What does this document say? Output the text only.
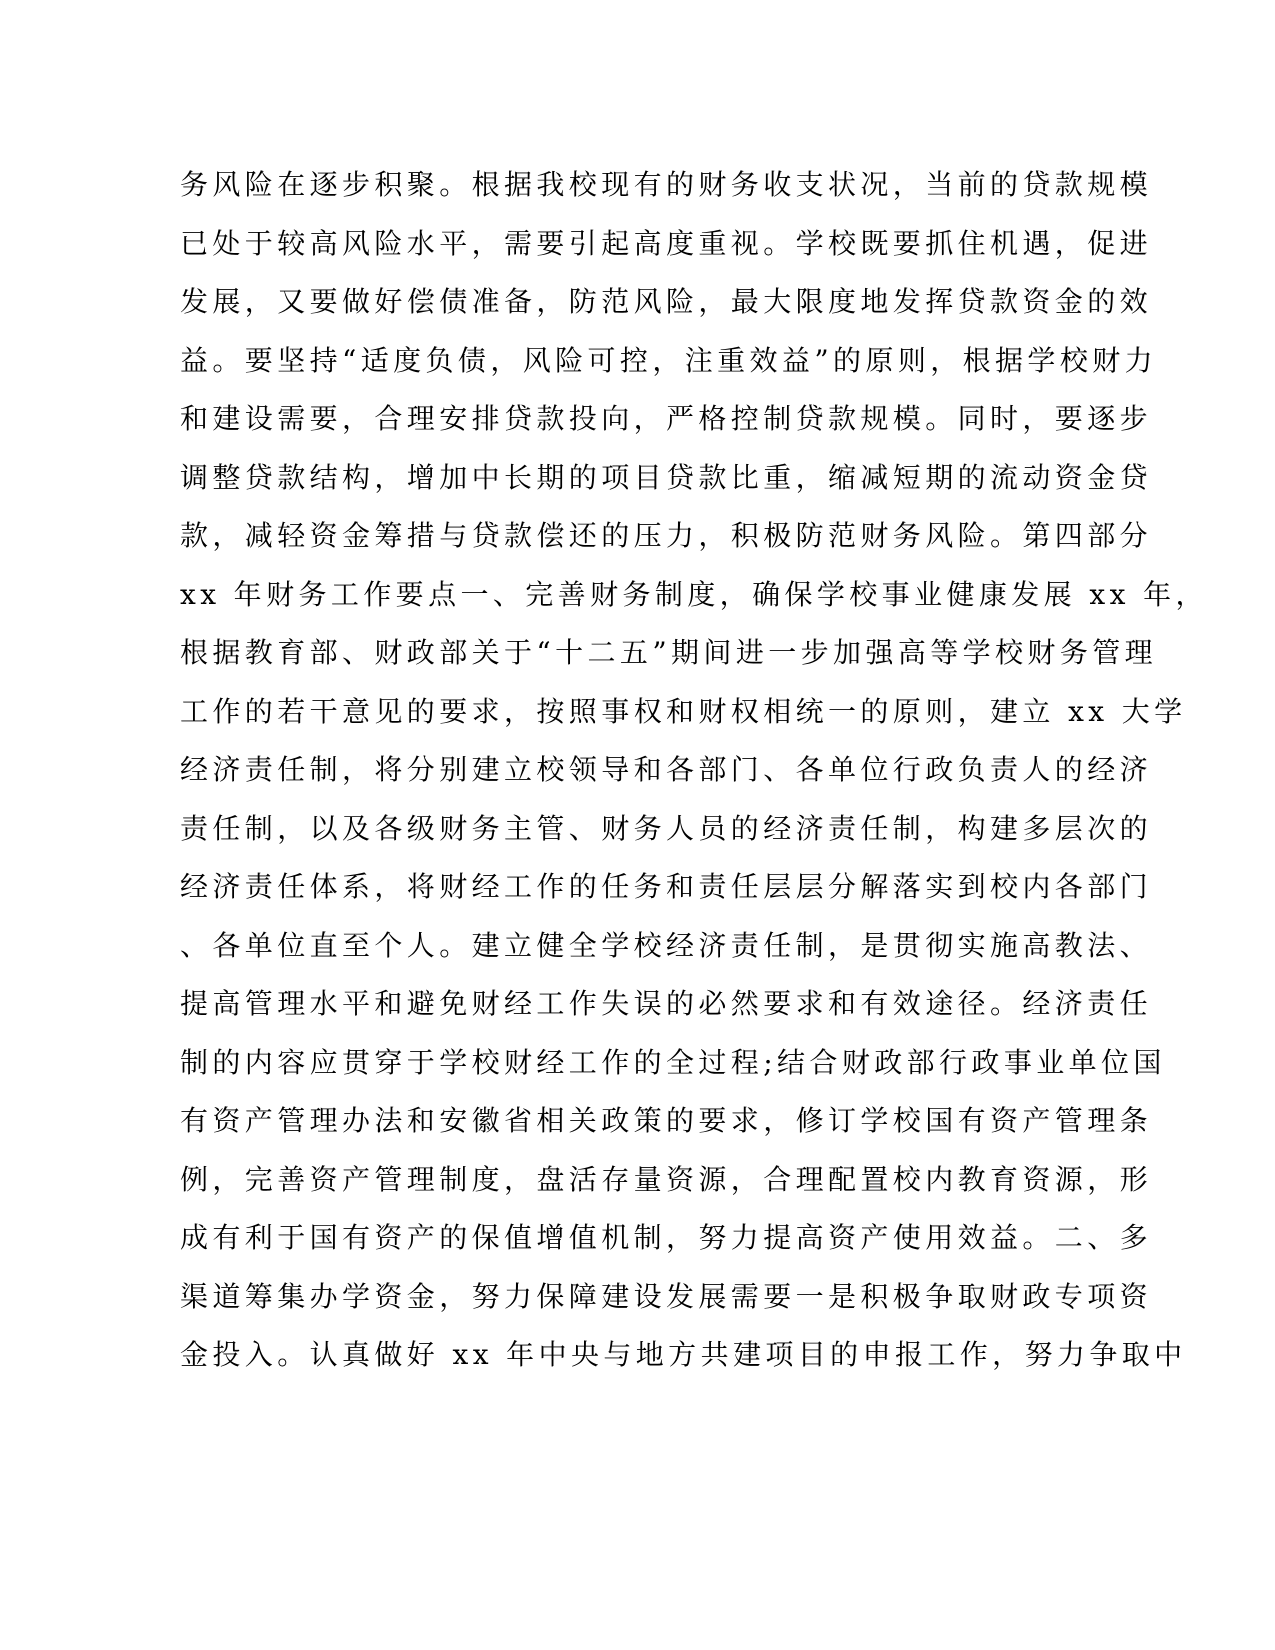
务风险在逐步积聚。根据我校现有的财务收支状况，当前的贷款规模
已处于较高风险水平，需要引起高度重视。学校既要抓住机遇，促进
发展，又要做好偿债准备，防范风险，最大限度地发挥贷款资金的效
益。要坚持“适度负债，风险可控，注重效益”的原则，根据学校财力
和建设需要，合理安排贷款投向，严格控制贷款规模。同时，要逐步
调整贷款结构，增加中长期的项目贷款比重，缩减短期的流动资金贷
款，减轻资金筹措与贷款偿还的压力，积极防范财务风险。第四部分
xx 年财务工作要点一、完善财务制度，确保学校事业健康发展 xx 年，
根据教育部、财政部关于“十二五”期间进一步加强高等学校财务管理
工作的若干意见的要求，按照事权和财权相统一的原则，建立 xx 大学
经济责任制，将分别建立校领导和各部门、各单位行政负责人的经济
责任制，以及各级财务主管、财务人员的经济责任制，构建多层次的
经济责任体系，将财经工作的任务和责任层层分解落实到校内各部门
、各单位直至个人。建立健全学校经济责任制，是贯彻实施高教法、
提高管理水平和避免财经工作失误的必然要求和有效途径。经济责任
制的内容应贯穿于学校财经工作的全过程;结合财政部行政事业单位国
有资产管理办法和安徽省相关政策的要求，修订学校国有资产管理条
例，完善资产管理制度，盘活存量资源，合理配置校内教育资源，形
成有利于国有资产的保值增值机制，努力提高资产使用效益。二、多
渠道筹集办学资金，努力保障建设发展需要一是积极争取财政专项资
金投入。认真做好 xx 年中央与地方共建项目的申报工作，努力争取中
